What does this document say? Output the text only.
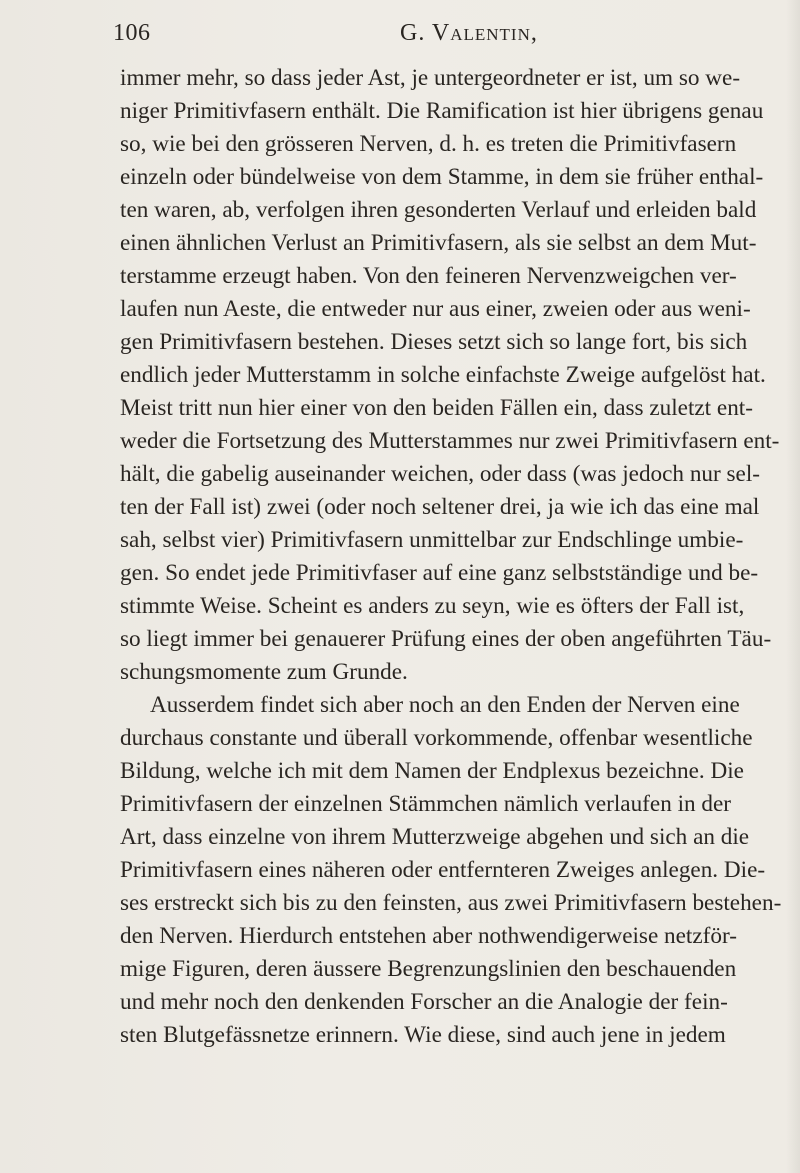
106	G. Valentin,
immer mehr, so dass jeder Ast, je untergeordneter er ist, um so we-
niger Primitivfasern enthält. Die Ramification ist hier übrigens genau
so, wie bei den grösseren Nerven, d. h. es treten die Primitivfasern
einzeln oder bündelweise von dem Stamme, in dem sie früher enthal-
ten waren, ab, verfolgen ihren gesonderten Verlauf und erleiden bald
einen ähnlichen Verlust an Primitivfasern, als sie selbst an dem Mut-
terstamme erzeugt haben. Von den feineren Nervenzweigchen ver-
laufen nun Aeste, die entweder nur aus einer, zweien oder aus weni-
gen Primitivfasern bestehen. Dieses setzt sich so lange fort, bis sich
endlich jeder Mutterstamm in solche einfachste Zweige aufgelöst hat.
Meist tritt nun hier einer von den beiden Fällen ein, dass zuletzt ent-
weder die Fortsetzung des Mutterstammes nur zwei Primitivfasern ent-
hält, die gabelig auseinander weichen, oder dass (was jedoch nur sel-
ten der Fall ist) zwei (oder noch seltener drei, ja wie ich das eine mal
sah, selbst vier) Primitivfasern unmittelbar zur Endschlinge umbie-
gen. So endet jede Primitivfaser auf eine ganz selbstständige und be-
stimmte Weise. Scheint es anders zu seyn, wie es öfters der Fall ist,
so liegt immer bei genauerer Prüfung eines der oben angeführten Täu-
schungsmomente zum Grunde.
Ausserdem findet sich aber noch an den Enden der Nerven eine
durchaus constante und überall vorkommende, offenbar wesentliche
Bildung, welche ich mit dem Namen der Endplexus bezeichne. Die
Primitivfasern der einzelnen Stämmchen nämlich verlaufen in der
Art, dass einzelne von ihrem Mutterzweige abgehen und sich an die
Primitivfasern eines näheren oder entfernteren Zweiges anlegen. Die-
ses erstreckt sich bis zu den feinsten, aus zwei Primitivfasern bestehen-
den Nerven. Hierdurch entstehen aber nothwendigerweise netzför-
mige Figuren, deren äussere Begrenzungslinien den beschauenden
und mehr noch den denkenden Forscher an die Analogie der fein-
sten Blutgefässnetze erinnern. Wie diese, sind auch jene in jedem
